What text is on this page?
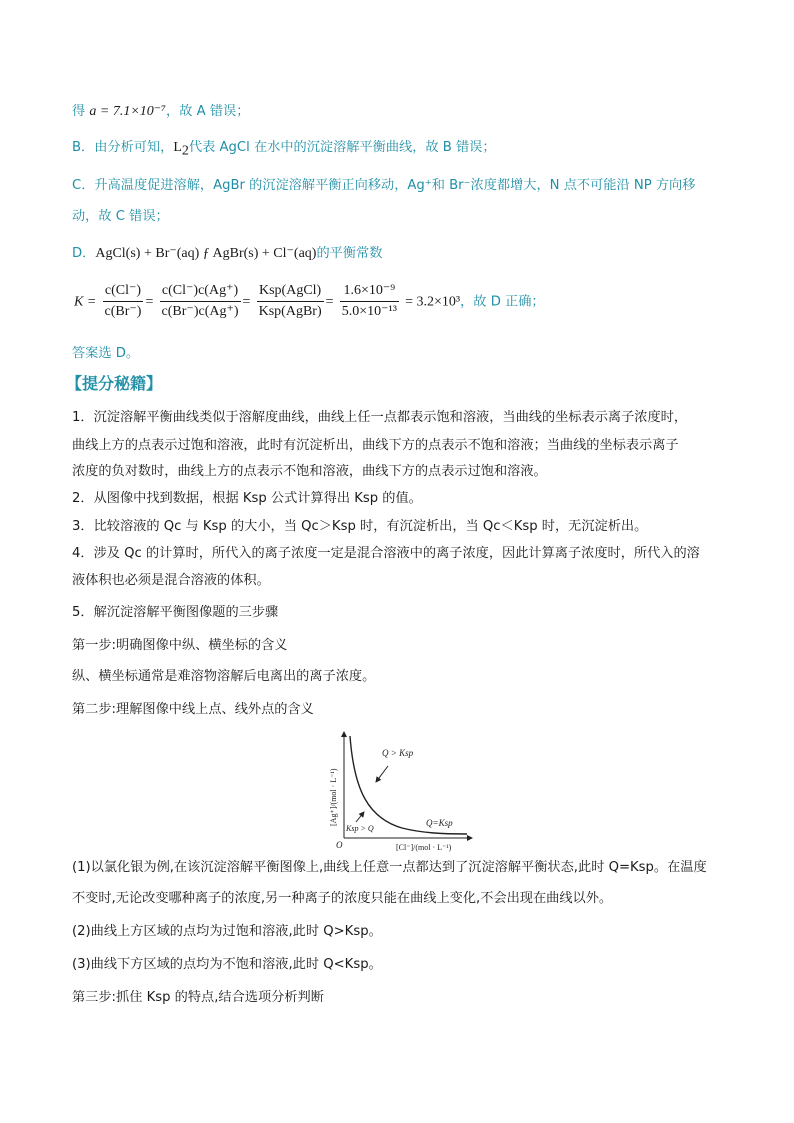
得 a = 7.1×10⁻⁷，故 A 错误；
B．由分析可知，$L_2$代表 AgCl 在水中的沉淀溶解平衡曲线，故 B 错误；
C．升高温度促进溶解，AgBr 的沉淀溶解平衡正向移动，Ag⁺和 Br⁻浓度都增大，N 点不可能沿 NP 方向移
动，故 C 错误；
D．AgCl(s) + Br⁻(aq) ƒ AgBr(s) + Cl⁻(aq)的平衡常数
$K = \frac{c(Cl^-)}{c(Br^-)} = \frac{c(Cl^-)c(Ag^+)}{c(Br^-)c(Ag^+)} = \frac{\text{Ksp(AgCl)}}{\text{Ksp(AgBr)}} = \frac{\text{1.6×10⁻⁹}}{\text{5.0×10⁻¹³}} = 3.2\times 10^3$，故 D 正确；
答案选 D。
【提分秘籍】
1．沉淀溶解平衡曲线类似于溶解度曲线，曲线上任一点都表示饱和溶液，当曲线的坐标表示离子浓度时，
曲线上方的点表示过饱和溶液，此时有沉淀析出，曲线下方的点表示不饱和溶液；当曲线的坐标表示离子
浓度的负对数时，曲线上方的点表示不饱和溶液，曲线下方的点表示过饱和溶液。
2．从图像中找到数据，根据 Ksp 公式计算得出 Ksp 的值。
3．比较溶液的 Qc 与 Ksp 的大小，当 Qc＞Ksp 时，有沉淀析出，当 Qc＜Ksp 时，无沉淀析出。
4．涉及 Qc 的计算时，所代入的离子浓度一定是混合溶液中的离子浓度，因此计算离子浓度时，所代入的溶
液体积也必须是混合溶液的体积。
5．解沉淀溶解平衡图像题的三步骤
第一步:明确图像中纵、横坐标的含义
纵、横坐标通常是难溶物溶解后电离出的离子浓度。
第二步:理解图像中线上点、线外点的含义
Q > Ksp
Q=Ksp
Ksp > Q
O	[Cl⁻]/(mol · L⁻¹)
[Ag⁺]/(mol · L⁻¹)
(1)以氯化银为例,在该沉淀溶解平衡图像上,曲线上任意一点都达到了沉淀溶解平衡状态,此时 Q=Ksp。在温度
不变时,无论改变哪种离子的浓度,另一种离子的浓度只能在曲线上变化,不会出现在曲线以外。
(2)曲线上方区域的点均为过饱和溶液,此时 Q>Ksp。
(3)曲线下方区域的点均为不饱和溶液,此时 Q<Ksp。
第三步:抓住 Ksp 的特点,结合选项分析判断
